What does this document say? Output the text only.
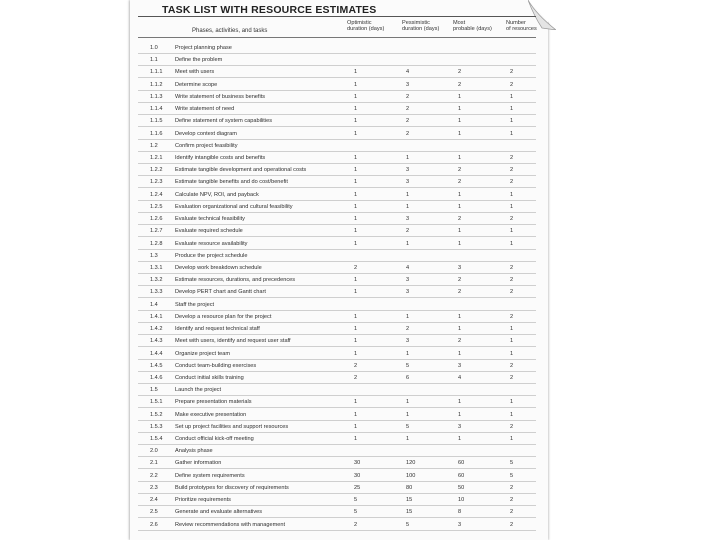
TASK LIST WITH RESOURCE ESTIMATES
Phases, activities, and tasks
Optimistic
duration (days)
Pessimistic
duration (days)
Most
probable (days)
Number
of resources
1.0	Project planning phase
1.1	Define the problem
1.1.1 Meet with users	1	4	2	2
1.1.2 Determine scope	1	3	2	2
1.1.3 Write statement of business benefits	1	2	1	1
1.1.4 Write statement of need	1	2	1	1
1.1.5 Define statement of system capabilities	1	2	1	1
1.1.6 Develop context diagram	1	2	1	1
1.2	Confirm project feasibility
1.2.1 Identify intangible costs and benefits	1	1	1	2
1.2.2 Estimate tangible development and operational costs	1	3	2	2
1.2.3 Estimate tangible benefits and do cost/benefit	1	3	2	2
1.2.4 Calculate NPV, ROI, and payback	1	1	1	1
1.2.5 Evaluation organizational and cultural feasibility	1	1	1	1
1.2.6 Evaluate technical feasibility	1	3	2	2
1.2.7 Evaluate required schedule	1	2	1	1
1.2.8 Evaluate resource availability	1	1	1	1
1.3	Produce the project schedule
1.3.1 Develop work breakdown schedule	2	4	3	2
1.3.2 Estimate resources, durations, and precedences	1	3	2	2
1.3.3 Develop PERT chart and Gantt chart	1	3	2	2
1.4	Staff the project
1.4.1 Develop a resource plan for the project	1	1	1	2
1.4.2 Identify and request technical staff	1	2	1	1
1.4.3 Meet with users, identify and request user staff	1	3	2	1
1.4.4 Organize project team	1	1	1	1
1.4.5 Conduct team-building exercises	2	5	3	2
1.4.6 Conduct initial skills training	2	6	4	2
1.5	Launch the project
1.5.1 Prepare presentation materials	1	1	1	1
1.5.2 Make executive presentation	1	1	1	1
1.5.3 Set up project facilities and support resources	1	5	3	2
1.5.4 Conduct official kick-off meeting	1	1	1	1
2.0	Analysis phase
2.1	Gather information	30	120	60	5
2.2	Define system requirements	30	100	60	5
2.3	Build prototypes for discovery of requirements	25	80	50	2
2.4	Prioritize requirements	5	15	10	2
2.5	Generate and evaluate alternatives	5	15	8	2
2.6	Review recommendations with management	2	5	3	2
